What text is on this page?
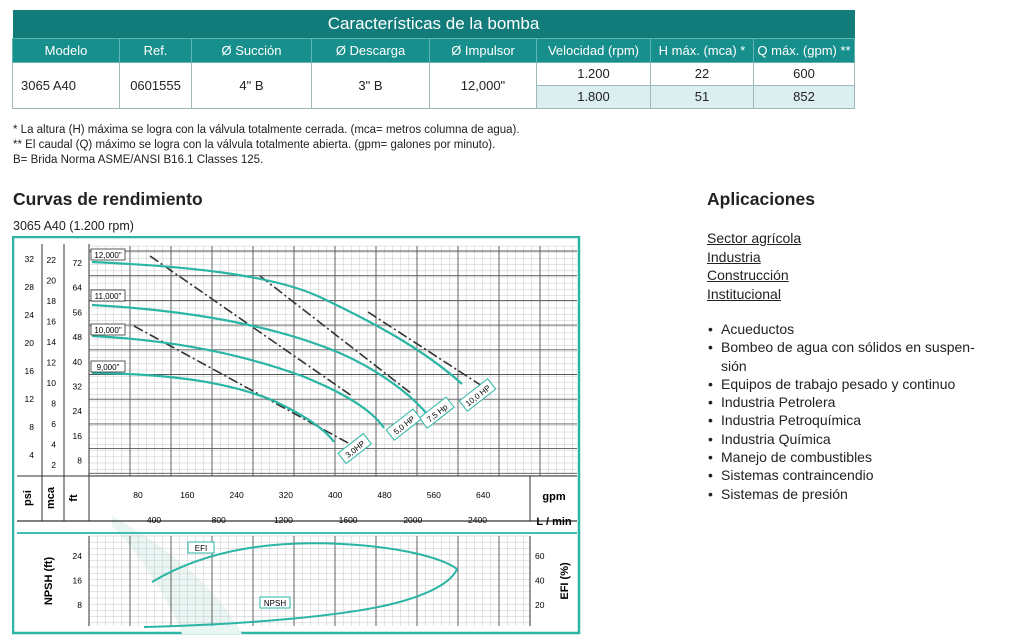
Características de la bomba							
Modelo	Ref.	Ø Succión	Ø Descarga	Ø Impulsor	Velocidad (rpm)	H máx. (mca) *	Q máx. (gpm) **
3065 A40	0601555	4" B	3" B	12,000"	1.200	22	600
					1.800	51	852
* La altura (H) máxima se logra con la válvula totalmente cerrada. (mca= metros columna de agua).
** El caudal (Q) máximo se logra con la válvula totalmente abierta. (gpm= galones por minuto).
B= Brida Norma ASME/ANSI B16.1 Classes 125.
Curvas de rendimiento
3065 A40 (1.200 rpm)
Aplicaciones
Sector agrícola
Industria
Construcción
Institucional
• Acueductos
• Bombeo de agua con sólidos en suspen-
sión
• Equipos de trabajo pesado y continuo
• Industria Petrolera
• Industria Petroquímica
• Industria Química
• Manejo de combustibles
• Sistemas contraincendio
• Sistemas de presión
32
28
24
20
16
12
8
4
22
20
18
16
14
12
10
8
6
4
2
72
64
56
48
40
32
24
16
8
80	160	240	320	400	480	560	640
400	800	1200	1600	2000	2400
psi mca ft	gpm
L / min
12,000"
11,000"
10,000"
9,000"
10,0 HP
7,5 Hp
5,0 HP
3,0HP
24
16
8
60
40
20
NPSH (ft)	EFI (%)
EFI
NPSH
